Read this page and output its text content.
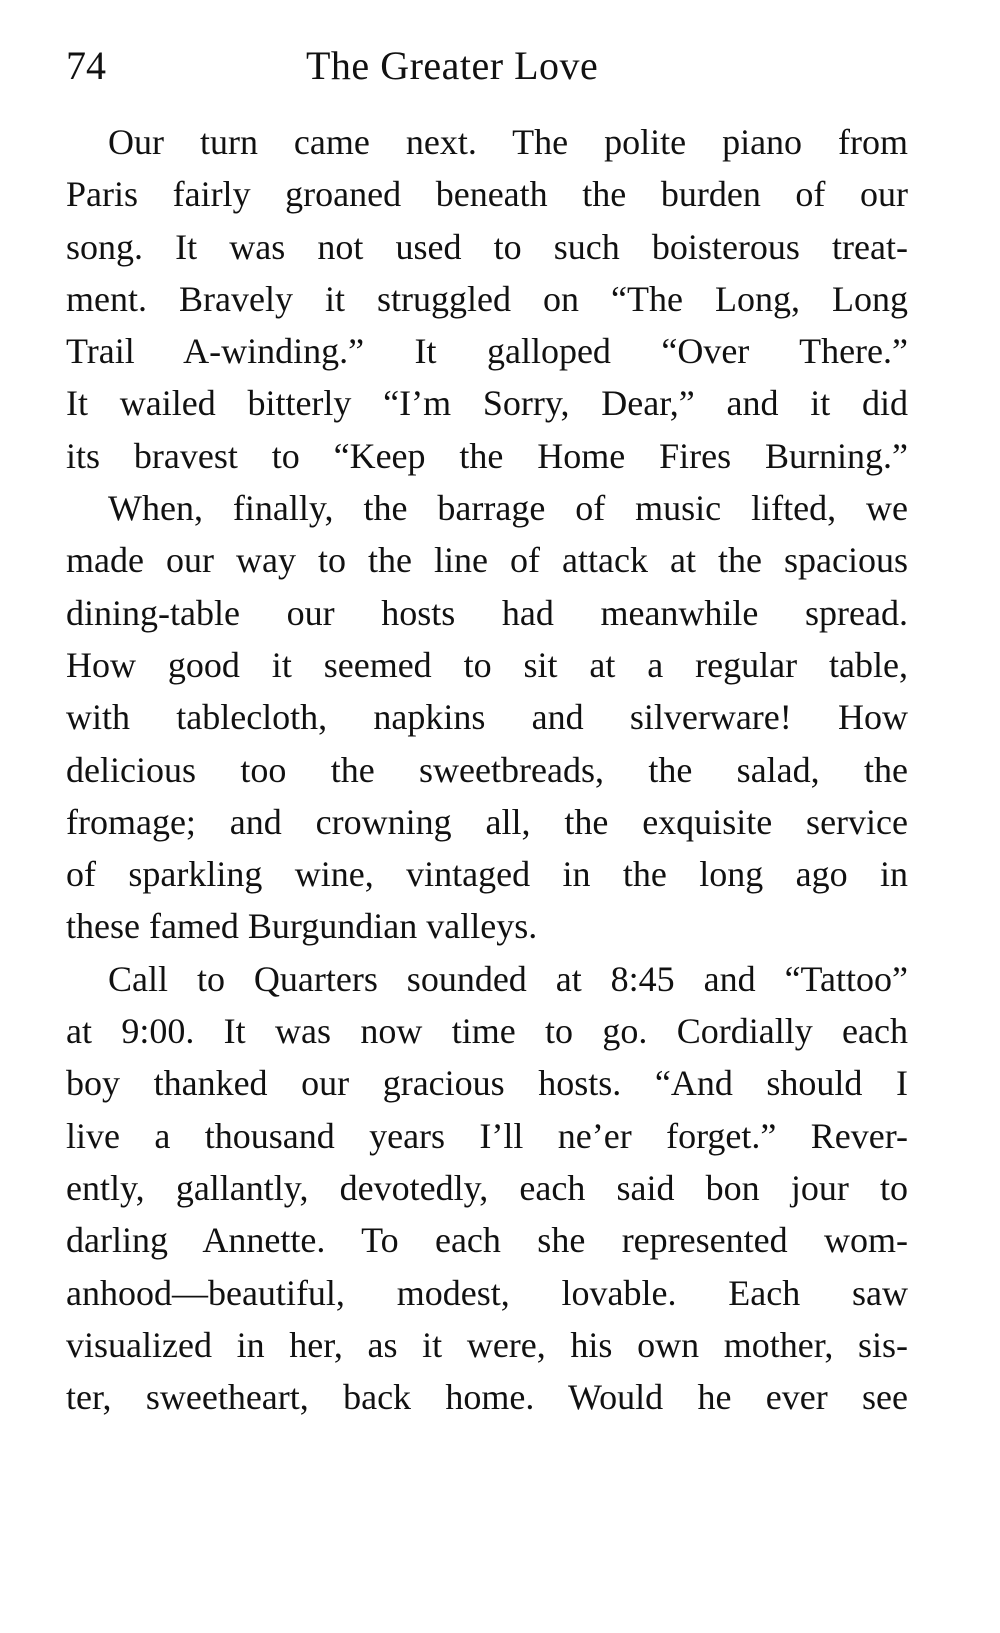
74	The Greater Love
Our turn came next. The polite piano from
Paris fairly groaned beneath the burden of our
song. It was not used to such boisterous treat-
ment. Bravely it struggled on “The Long, Long
Trail A-winding.” It galloped “Over There.”
It wailed bitterly “I’m Sorry, Dear,” and it did
its bravest to “Keep the Home Fires Burning.”
When, finally, the barrage of music lifted, we
made our way to the line of attack at the spacious
dining-table our hosts had meanwhile spread.
How good it seemed to sit at a regular table,
with tablecloth, napkins and silverware! How
delicious too the sweetbreads, the salad, the
fromage; and crowning all, the exquisite service
of sparkling wine, vintaged in the long ago in
these famed Burgundian valleys.
Call to Quarters sounded at 8:45 and “Tattoo”
at 9:00. It was now time to go. Cordially each
boy thanked our gracious hosts. “And should I
live a thousand years I’ll ne’er forget.” Rever-
ently, gallantly, devotedly, each said bon jour to
darling Annette. To each she represented wom-
anhood—beautiful, modest, lovable. Each saw
visualized in her, as it were, his own mother, sis-
ter, sweetheart, back home. Would he ever see
